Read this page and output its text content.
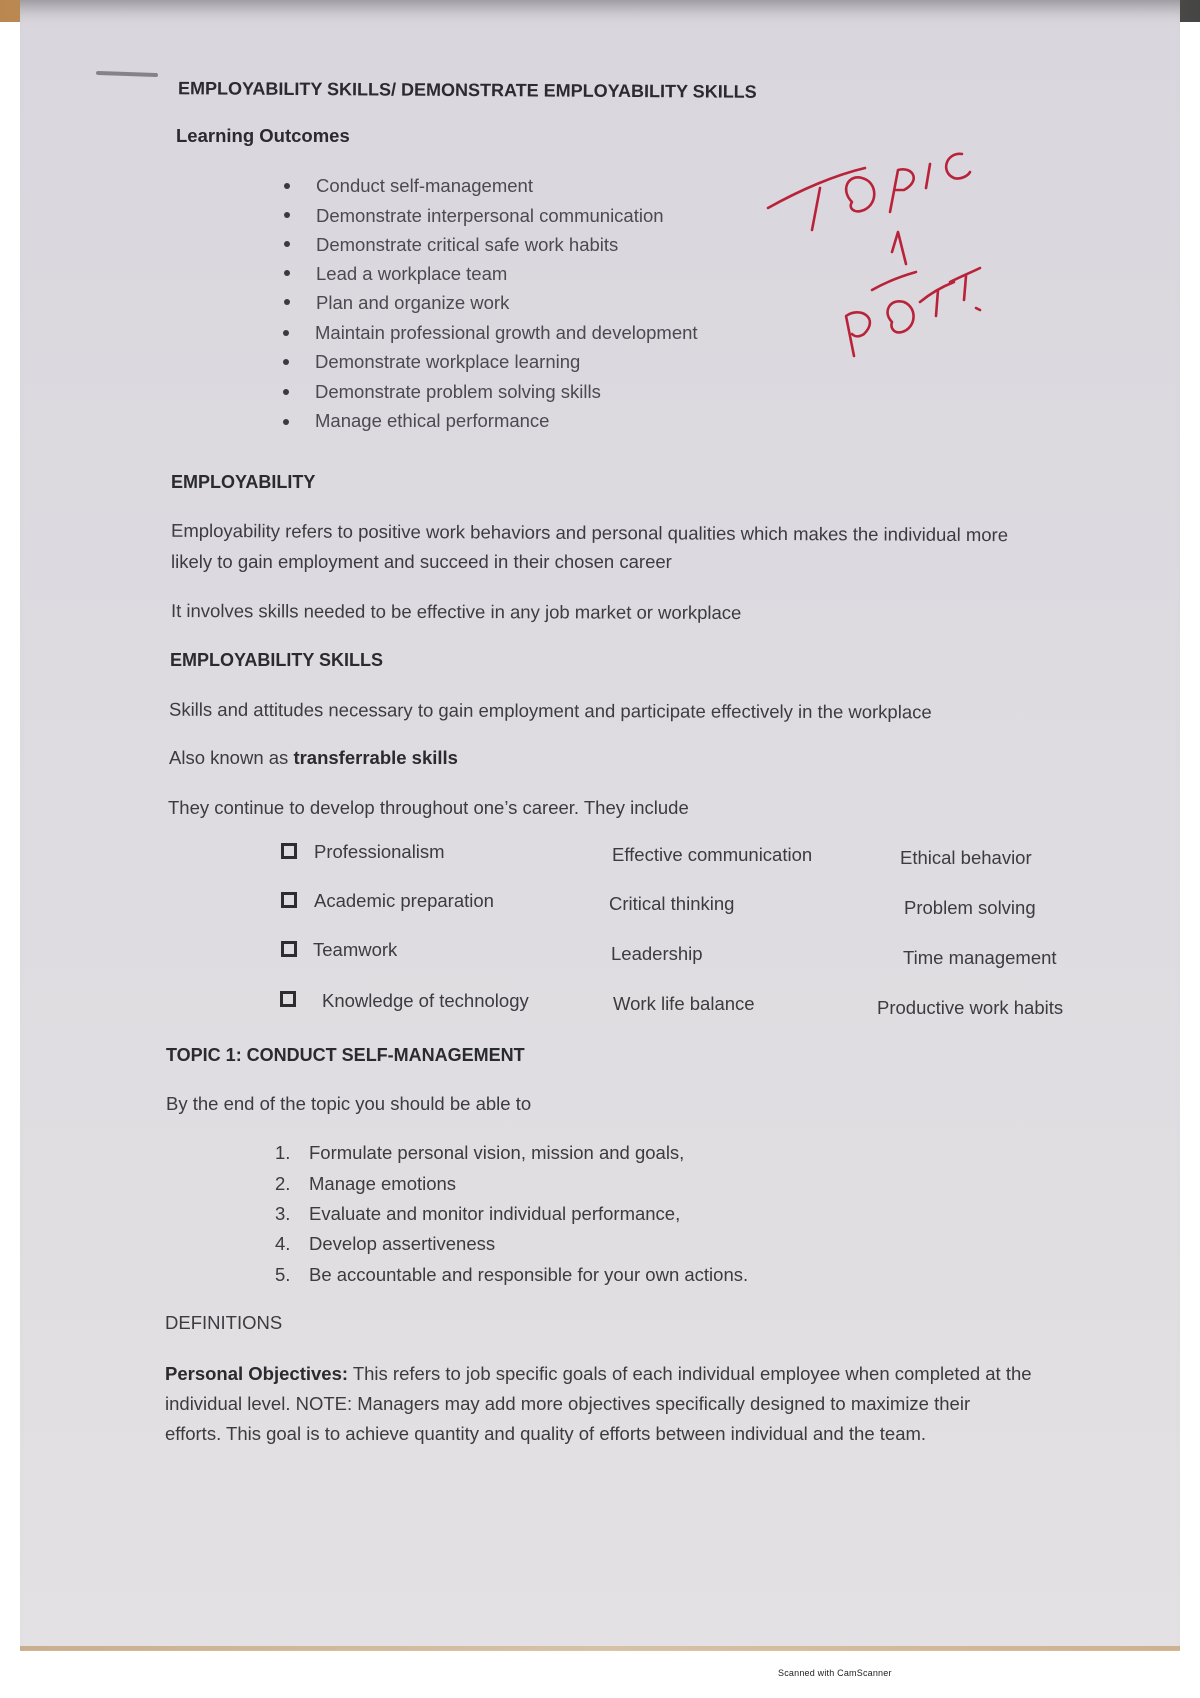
EMPLOYABILITY SKILLS/ DEMONSTRATE EMPLOYABILITY SKILLS
Learning Outcomes
Conduct self-management
Demonstrate interpersonal communication
Demonstrate critical safe work habits
Lead a workplace team
Plan and organize work
Maintain professional growth and development
Demonstrate workplace learning
Demonstrate problem solving skills
Manage ethical performance
TOPIC
1
POTT.
EMPLOYABILITY
Employability refers to positive work behaviors and personal qualities which makes the individual more
likely to gain employment and succeed in their chosen career
It involves skills needed to be effective in any job market or workplace
EMPLOYABILITY SKILLS
Skills and attitudes necessary to gain employment and participate effectively in the workplace
Also known as transferrable skills
They continue to develop throughout one’s career. They include
Professionalism	Effective communication	Ethical behavior
Academic preparation	Critical thinking	Problem solving
Teamwork	Leadership	Time management
Knowledge of technology	Work life balance	Productive work habits
TOPIC 1: CONDUCT SELF-MANAGEMENT
By the end of the topic you should be able to
1. Formulate personal vision, mission and goals,
2. Manage emotions
3. Evaluate and monitor individual performance,
4. Develop assertiveness
5. Be accountable and responsible for your own actions.
DEFINITIONS
Personal Objectives: This refers to job specific goals of each individual employee when completed at the
individual level. NOTE: Managers may add more objectives specifically designed to maximize their
efforts. This goal is to achieve quantity and quality of efforts between individual and the team.
Scanned with CamScanner
